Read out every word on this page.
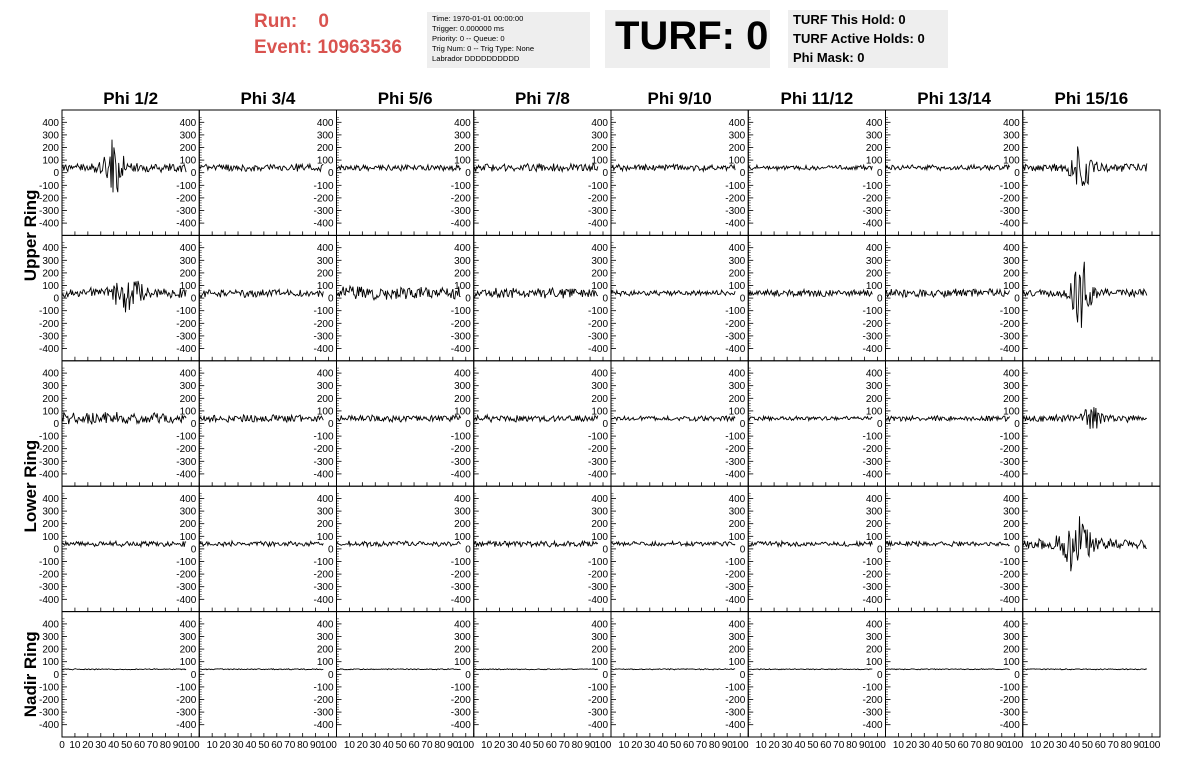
Run: 0
Event: 10963536
Time: 1970-01-01 00:00:00
Trigger: 0.000000 ms
Priority: 0 -- Queue: 0
Trig Num: 0 -- Trig Type: None
Labrador DDDDDDDDDD
TURF: 0 TURF This Hold: 0
TURF Active Holds: 0
Phi Mask: 0
Phi 1/2	Phi 3/4	Phi 5/6	Phi 7/8	Phi 9/10	Phi 11/12	Phi 13/14	Phi 15/16
Upper Ring
Lower Ring
Nadir Ring
-400
-300
-200
-100
0
100
200
300
400
-400
-300
-200
-100
0
100
200
300
400
-400
-300
-200
-100
0
100
200
300
400
-400
-300
-200
-100
0
100
200
300
400
-400
-300
-200
-100
0
100
200
300
400
-400
-300
-200
-100
0
100
200
300
400
-400
-300
-200
-100
0
100
200
300
400
-400
-300
-200
-100
0
100
200
300
400
-400
-300
-200
-100
0
100
200
300
400
-400
-300
-200
-100
0
100
200
300
400
-400
-300
-200
-100
0
100
200
300
400
-400
-300
-200
-100
0
100
200
300
400
-400
-300
-200
-100
0
100
200
300
400
-400
-300
-200
-100
0
100
200
300
400
-400
-300
-200
-100
0
100
200
300
400
-400
-300
-200
-100
0
100
200
300
400
-400
-300
-200
-100
0
100
200
300
400
-400
-300
-200
-100
0
100
200
300
400
-400
-300
-200
-100
0
100
200
300
400
-400
-300
-200
-100
0
100
200
300
400
-400
-300
-200
-100
0
100
200
300
400
-400
-300
-200
-100
0
100
200
300
400
-400
-300
-200
-100
0
100
200
300
400
-400
-300
-200
-100
0
100
200
300
400
-400
-300
-200
-100
0
100
200
300
400
-400
-300
-200
-100
0
100
200
300
400
-400
-300
-200
-100
0
100
200
300
400
-400
-300
-200
-100
0
100
200
300
400
-400
-300
-200
-100
0
100
200
300
400
-400
-300
-200
-100
0
100
200
300
400
-400
-300
-200
-100
0
100
200
300
400
-400
-300
-200
-100
0
100
200
300
400
-400
-300
-200
-100
0
100
200
300
400
-400
-300
-200
-100
0
100
200
300
400
-400
-300
-200
-100
0
100
200
300
400
-400
-300
-200
-100
0
100
200
300
400
-400
-300
-200
-100
0
100
200
300
400
-400
-300
-200
-100
0
100
200
300
400
-400
-300
-200
-100
0
100
200
300
400
-400
-300
-200
-100
0
100
200
300
400
0 10 20 30 40 50 60 70 80 90 100 10 20 30 40 50 60 70 80 90 100 10 20 30 40 50 60 70 80 90 100 10 20 30 40 50 60 70 80 90 100 10 20 30 40 50 60 70 80 90 100 10 20 30 40 50 60 70 80 90 100 10 20 30 40 50 60 70 80 90 100 10 20 30 40 50 60 70 80 90 100
